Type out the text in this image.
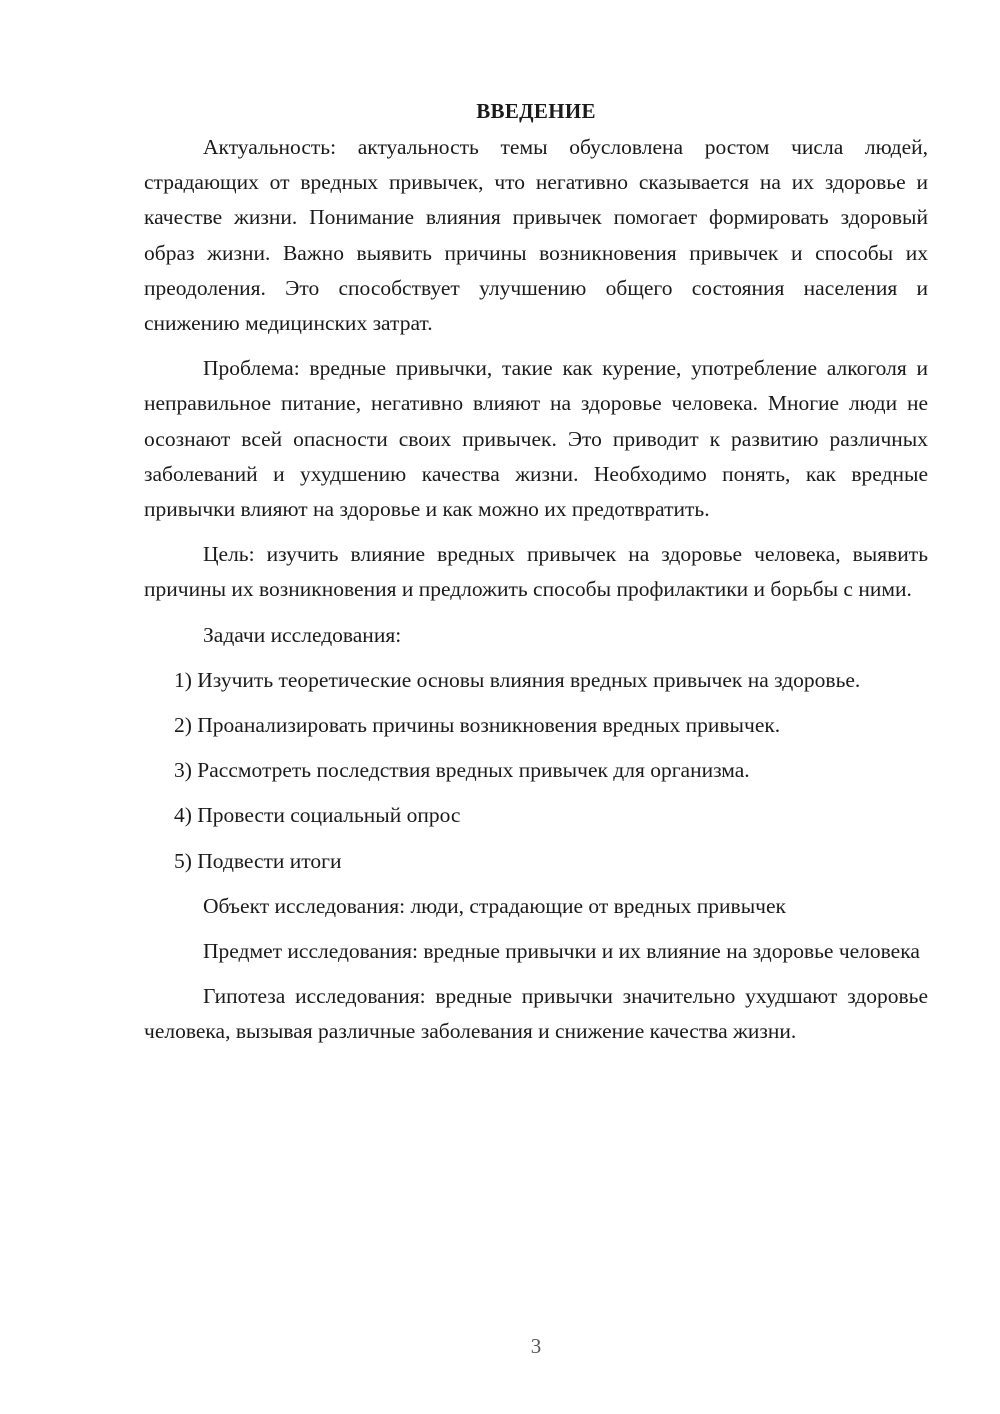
ВВЕДЕНИЕ

Актуальность: актуальность темы обусловлена ростом числа людей, страдающих от вредных привычек, что негативно сказывается на их здоровье и качестве жизни. Понимание влияния привычек помогает формировать здоровый образ жизни. Важно выявить причины возникновения привычек и способы их преодоления. Это способствует улучшению общего состояния населения и снижению медицинских затрат.

Проблема: вредные привычки, такие как курение, употребление алкоголя и неправильное питание, негативно влияют на здоровье человека. Многие люди не осознают всей опасности своих привычек. Это приводит к развитию различных заболеваний и ухудшению качества жизни. Необходимо понять, как вредные привычки влияют на здоровье и как можно их предотвратить.

Цель: изучить влияние вредных привычек на здоровье человека, выявить причины их возникновения и предложить способы профилактики и борьбы с ними.

Задачи исследования:

1) Изучить теоретические основы влияния вредных привычек на здоровье.

2) Проанализировать причины возникновения вредных привычек.

3) Рассмотреть последствия вредных привычек для организма.

4) Провести социальный опрос

5) Подвести итоги

Объект исследования: люди, страдающие от вредных привычек

Предмет исследования: вредные привычки и их влияние на здоровье человека

Гипотеза исследования: вредные привычки значительно ухудшают здоровье человека, вызывая различные заболевания и снижение качества жизни.

3
